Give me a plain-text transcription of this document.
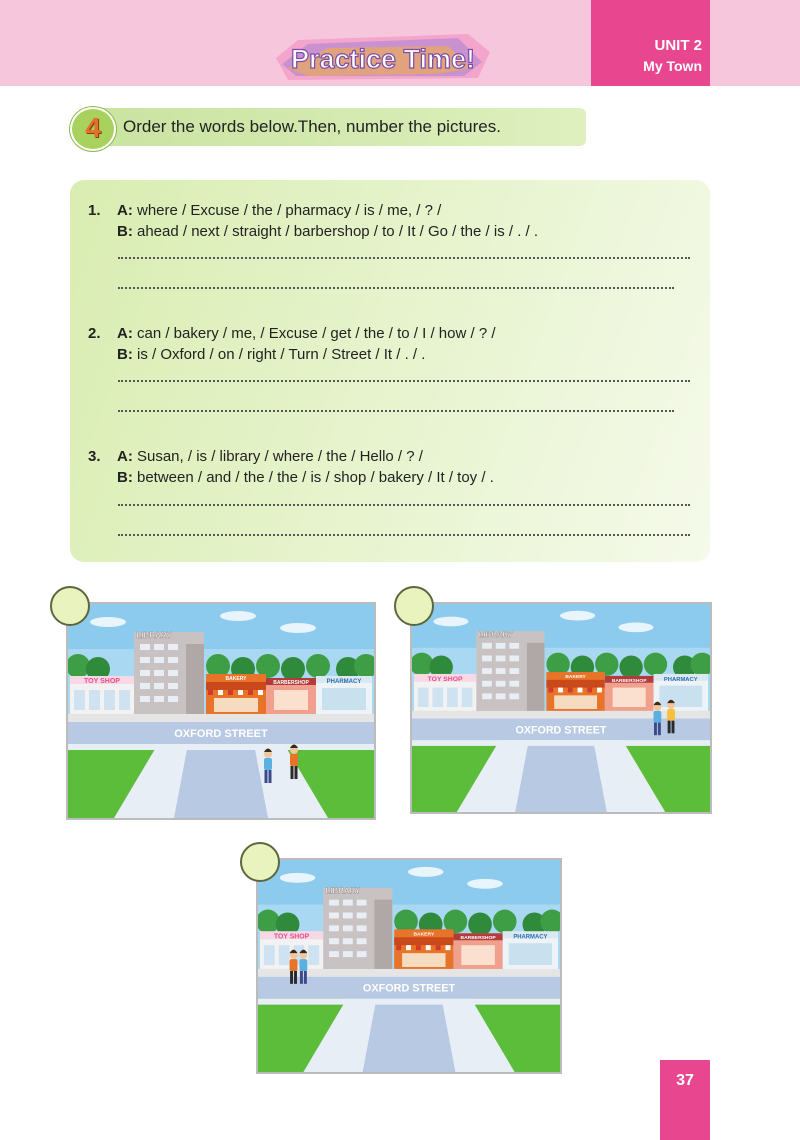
Practice Time!	UNIT 2
My Town
4	Order the words below.Then, number the pictures.
1. A: where / Excuse / the / pharmacy / is / me, / ? /
B: ahead / next / straight / barbershop / to / It / Go / the / is / . / .
2. A: can / bakery / me, / Excuse / get / the / to / I / how / ? /
B: is / Oxford / on / right / Turn / Street / It / . / .
3. A: Susan, / is / library / where / the / Hello / ? /
B: between / and / the / the / is / shop / bakery / It / toy / .
LIBRARY
TOY SHOP	BAKERY
BARBERSHOP	PHARMACY
OXFORD STREET
LIBRARY
TOY SHOP	BAKERY
BARBERSHOP	PHARMACY
OXFORD STREET
LIBRARY
TOY SHOP	BAKERY
BARBERSHOP	PHARMACY
OXFORD STREET
37
